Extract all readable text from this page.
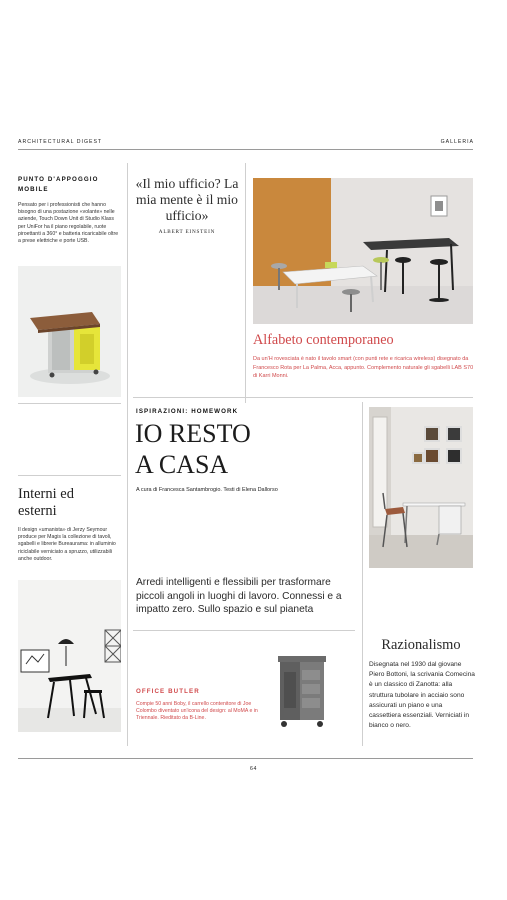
ARCHITECTURAL DIGEST	GALLERIA
PUNTO D'APPOGGIO MOBILE
Pensato per i professionisti che hanno bisogno di una postazione «volante» nelle aziende, Touch Down Unit di Studio Klass per UniFor ha il piano regolabile, ruote piroettanti a 360° e batteria ricaricabile oltre a prese elettriche e porte USB.
Interni ed esterni
Il design «umanista» di Jerzy Seymour produce per Magis la collezione di tavoli, sgabelli e librerie Bureaurama: in alluminio riciclabile verniciato a spruzzo, utilizzabili anche outdoor.
«Il mio ufficio? La mia mente è il mio ufficio»
ALBERT EINSTEIN
Alfabeto contemporaneo
Da un'H rovesciata è nato il tavolo smart (con punti rete e ricarica wireless) disegnato da Francesco Rota per La Palma, Acca, appunto. Complemento naturale gli sgabelli LAB S70 di Karri Monni.
ISPIRAZIONI: HOMEWORK
IO RESTO
A CASA
A cura di Francesca Santambrogio. Testi di Elena Dallorso
Arredi intelligenti e flessibili per trasformare piccoli angoli in luoghi di lavoro. Connessi e a impatto zero. Sullo spazio e sul pianeta
OFFICE BUTLER
Compie 50 anni Boby, il carrello contenitore di Joe Colombo diventato un'icona del design: al MoMA e in Triennale. Rieditato da B-Line.
Razionalismo
Disegnata nel 1930 dal giovane Piero Bottoni, la scrivania Comecina è un classico di Zanotta: alla struttura tubolare in acciaio sono assicurati un piano e una cassettiera essenziali. Verniciati in bianco o nero.
64
